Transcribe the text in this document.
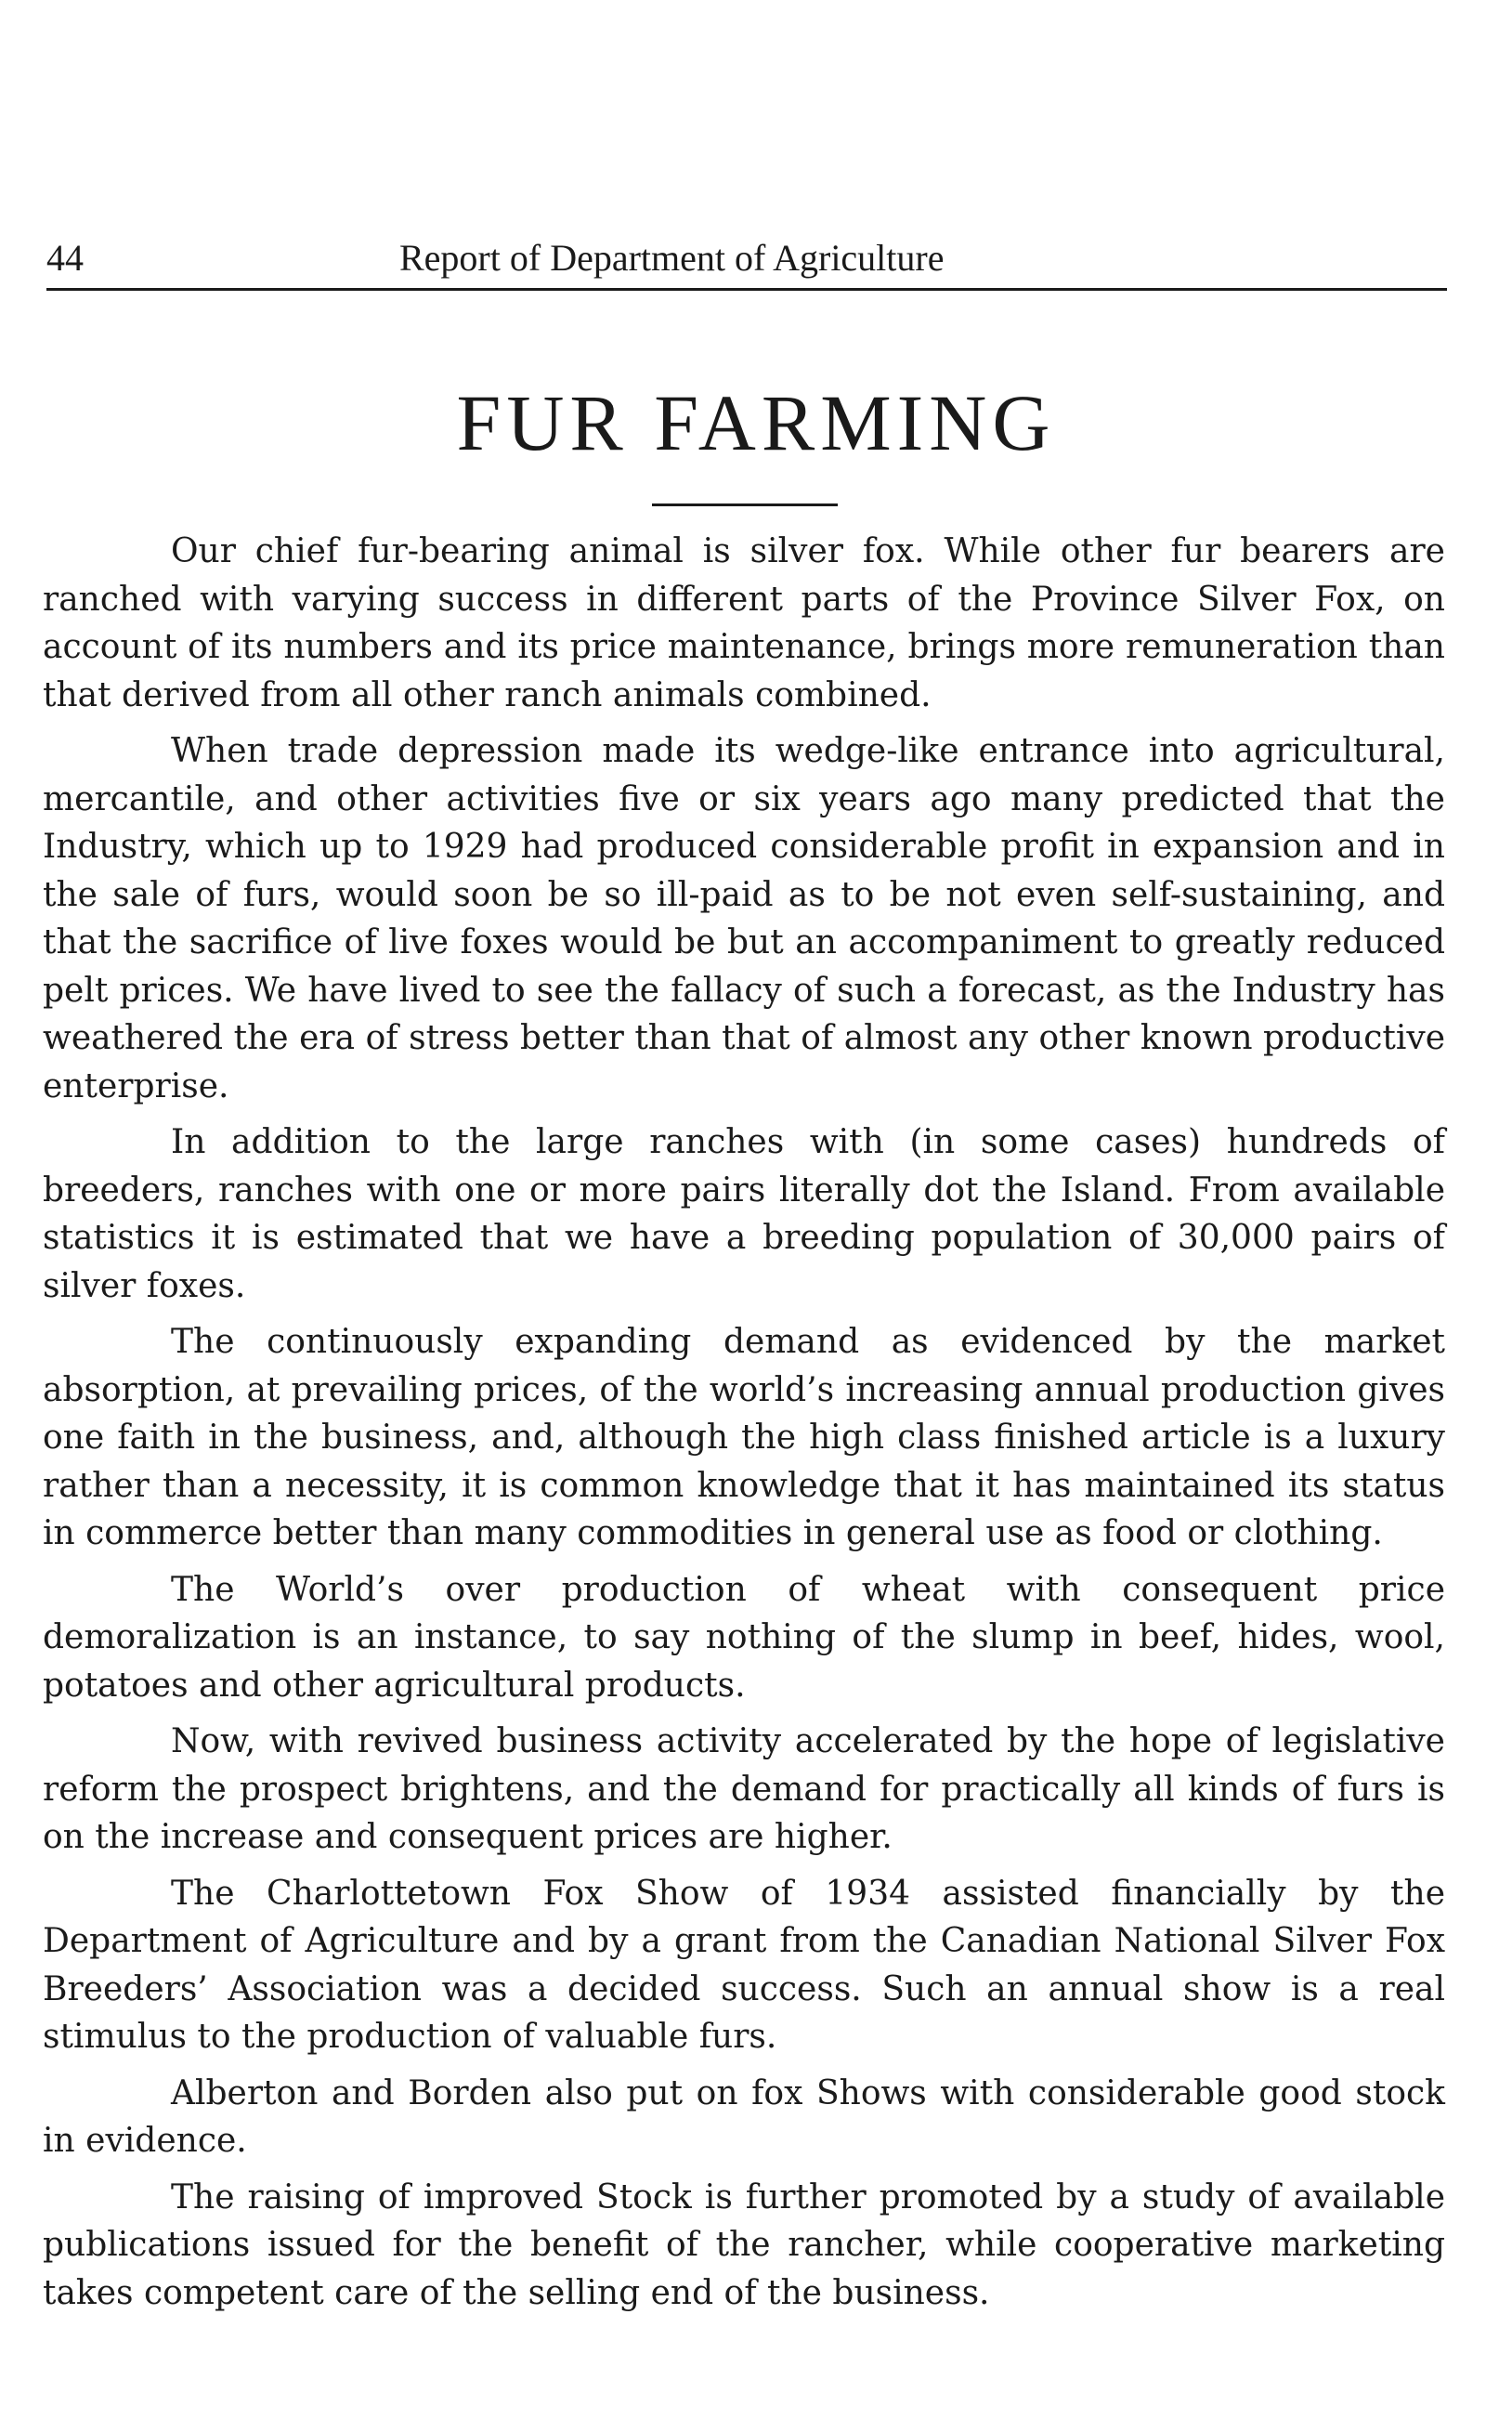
44	Report of Department of Agriculture
FUR FARMING

Our chief fur-bearing animal is silver fox. While other fur bearers are ranched with varying success in different parts of the Province Silver Fox, on account of its numbers and its price maintenance, brings more remuneration than that derived from all other ranch animals combined.

When trade depression made its wedge-like entrance into agricultural, mercantile, and other activities five or six years ago many predicted that the Industry, which up to 1929 had produced considerable profit in expansion and in the sale of furs, would soon be so ill-paid as to be not even self-sustaining, and that the sacrifice of live foxes would be but an accompaniment to greatly reduced pelt prices. We have lived to see the fallacy of such a forecast, as the Industry has weathered the era of stress better than that of almost any other known productive enterprise.

In addition to the large ranches with (in some cases) hundreds of breeders, ranches with one or more pairs literally dot the Island. From available statistics it is estimated that we have a breeding population of 30,000 pairs of silver foxes.

The continuously expanding demand as evidenced by the market absorption, at prevailing prices, of the world’s increasing annual production gives one faith in the business, and, although the high class finished article is a luxury rather than a necessity, it is common knowledge that it has maintained its status in commerce better than many commodities in general use as food or clothing.

The World’s over production of wheat with consequent price demoralization is an instance, to say nothing of the slump in beef, hides, wool, potatoes and other agricultural products.

Now, with revived business activity accelerated by the hope of legislative reform the prospect brightens, and the demand for practically all kinds of furs is on the increase and consequent prices are higher.

The Charlottetown Fox Show of 1934 assisted financially by the Department of Agriculture and by a grant from the Canadian National Silver Fox Breeders’ Association was a decided success. Such an annual show is a real stimulus to the production of valuable furs.

Alberton and Borden also put on fox Shows with considerable good stock in evidence.

The raising of improved Stock is further promoted by a study of available publications issued for the benefit of the rancher, while cooperative marketing takes competent care of the selling end of the business.
